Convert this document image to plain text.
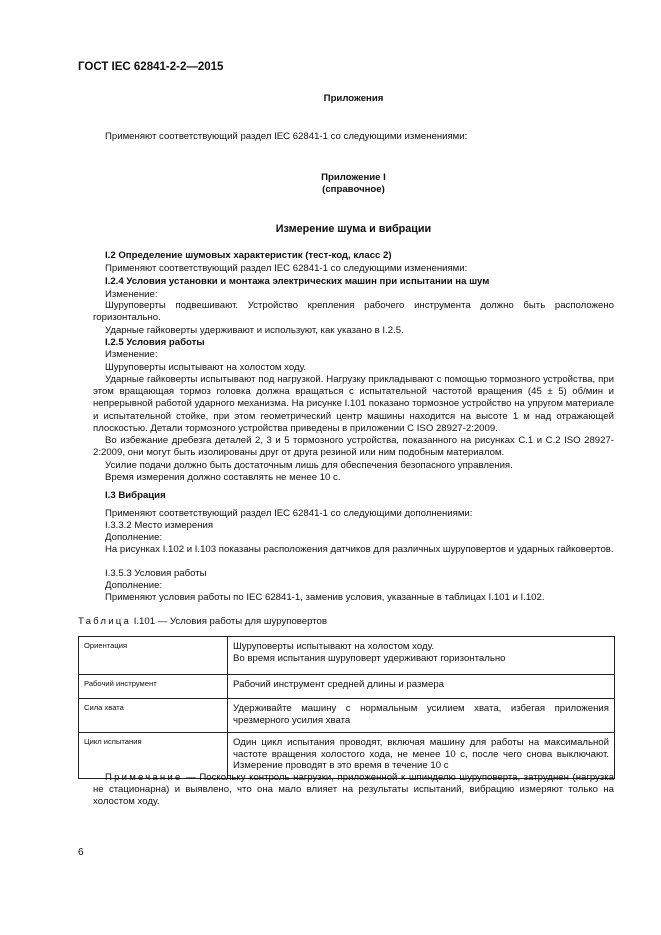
ГОСТ IEC 62841-2-2—2015
Приложения
Применяют соответствующий раздел IEC 62841-1 со следующими изменениями:
Приложение I
(справочное)
Измерение шума и вибрации
I.2 Определение шумовых характеристик (тест-код, класс 2)
Применяют соответствующий раздел IEC 62841-1 со следующими изменениями:
I.2.4 Условия установки и монтажа электрических машин при испытании на шум
Изменение:
Шуруповерты подвешивают. Устройство крепления рабочего инструмента должно быть расположено горизонтально.
Ударные гайковерты удерживают и используют, как указано в I.2.5.
I.2.5 Условия работы
Изменение:
Шуруповерты испытывают на холостом ходу.
Ударные гайковерты испытывают под нагрузкой. Нагрузку прикладывают с помощью тормозного устройства, при этом вращающая тормоз головка должна вращаться с испытательной частотой вращения (45 ± 5) об/мин и непрерывной работой ударного механизма. На рисунке I.101 показано тормозное устройство на упругом материале и испытательной стойке, при этом геометрический центр машины находится на высоте 1 м над отражающей плоскостью. Детали тормозного устройства приведены в приложении C ISO 28927-2:2009.
Во избежание дребезга деталей 2, 3 и 5 тормозного устройства, показанного на рисунках C.1 и C.2 ISO 28927-2:2009, они могут быть изолированы друг от друга резиной или ним подобным материалом.
Усилие подачи должно быть достаточным лишь для обеспечения безопасного управления.
Время измерения должно составлять не менее 10 с.
I.3 Вибрация
Применяют соответствующий раздел IEC 62841-1 со следующими дополнениями:
I.3.3.2 Место измерения
Дополнение:
На рисунках I.102 и I.103 показаны расположения датчиков для различных шуруповертов и ударных гайковертов.
I.3.5.3 Условия работы
Дополнение:
Применяют условия работы по IEC 62841-1, заменив условия, указанные в таблицах I.101 и I.102.
Таблица I.101 — Условия работы для шуруповертов
Ориентация	Шуруповерты испытывают на холостом ходу.
Во время испытания шуруповерт удерживают горизонтально

Рабочий инструмент	Рабочий инструмент средней длины и размера
Сила хвата	Удерживайте машину с нормальным усилием хвата, избегая приложения чрезмерного усилия хвата
Цикл испытания	Один цикл испытания проводят, включая машину для работы на максимальной частоте вращения холостого хода, не менее 10 с, после чего снова выключают. Измерение проводят в это время в течение 10 с
Примечание — Поскольку контроль нагрузки, приложенной к шпинделю шуруповерта, затруднен (нагрузка не стационарна) и выявлено, что она мало влияет на результаты испытаний, вибрацию измеряют только на холостом ходу.
6
